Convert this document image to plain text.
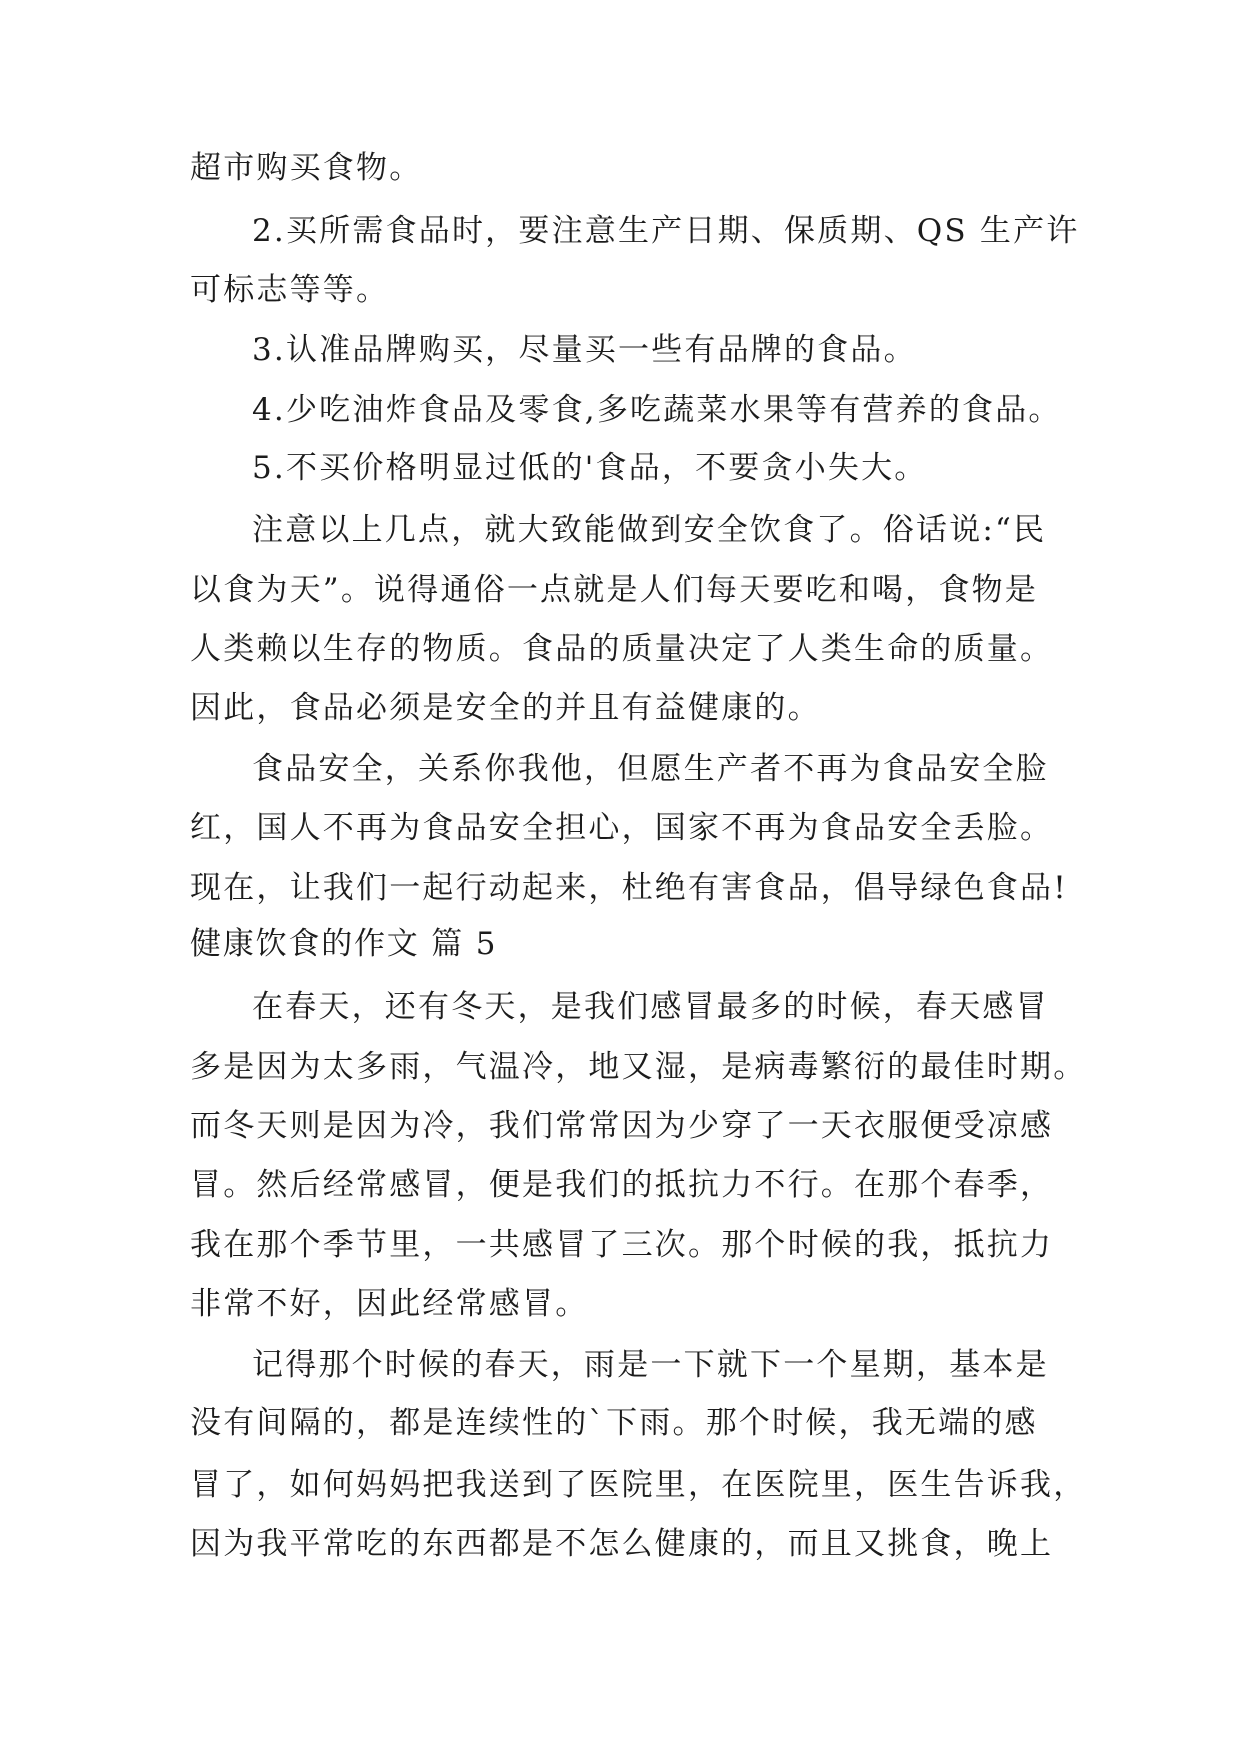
超市购买食物。
2.买所需食品时，要注意生产日期、保质期、QS 生产许
可标志等等。
3.认准品牌购买，尽量买一些有品牌的食品。
4.少吃油炸食品及零食,多吃蔬菜水果等有营养的食品。
5.不买价格明显过低的'食品，不要贪小失大。
注意以上几点，就大致能做到安全饮食了。俗话说:“民
以食为天”。说得通俗一点就是人们每天要吃和喝，食物是
人类赖以生存的物质。食品的质量决定了人类生命的质量。
因此，食品必须是安全的并且有益健康的。
食品安全，关系你我他，但愿生产者不再为食品安全脸
红，国人不再为食品安全担心，国家不再为食品安全丢脸。
现在，让我们一起行动起来，杜绝有害食品，倡导绿色食品!
健康饮食的作文 篇 5
在春天，还有冬天，是我们感冒最多的时候，春天感冒
多是因为太多雨，气温冷，地又湿，是病毒繁衍的最佳时期。
而冬天则是因为冷，我们常常因为少穿了一天衣服便受凉感
冒。然后经常感冒，便是我们的抵抗力不行。在那个春季，
我在那个季节里，一共感冒了三次。那个时候的我，抵抗力
非常不好，因此经常感冒。
记得那个时候的春天，雨是一下就下一个星期，基本是
没有间隔的，都是连续性的`下雨。那个时候，我无端的感
冒了，如何妈妈把我送到了医院里，在医院里，医生告诉我，
因为我平常吃的东西都是不怎么健康的，而且又挑食，晚上
